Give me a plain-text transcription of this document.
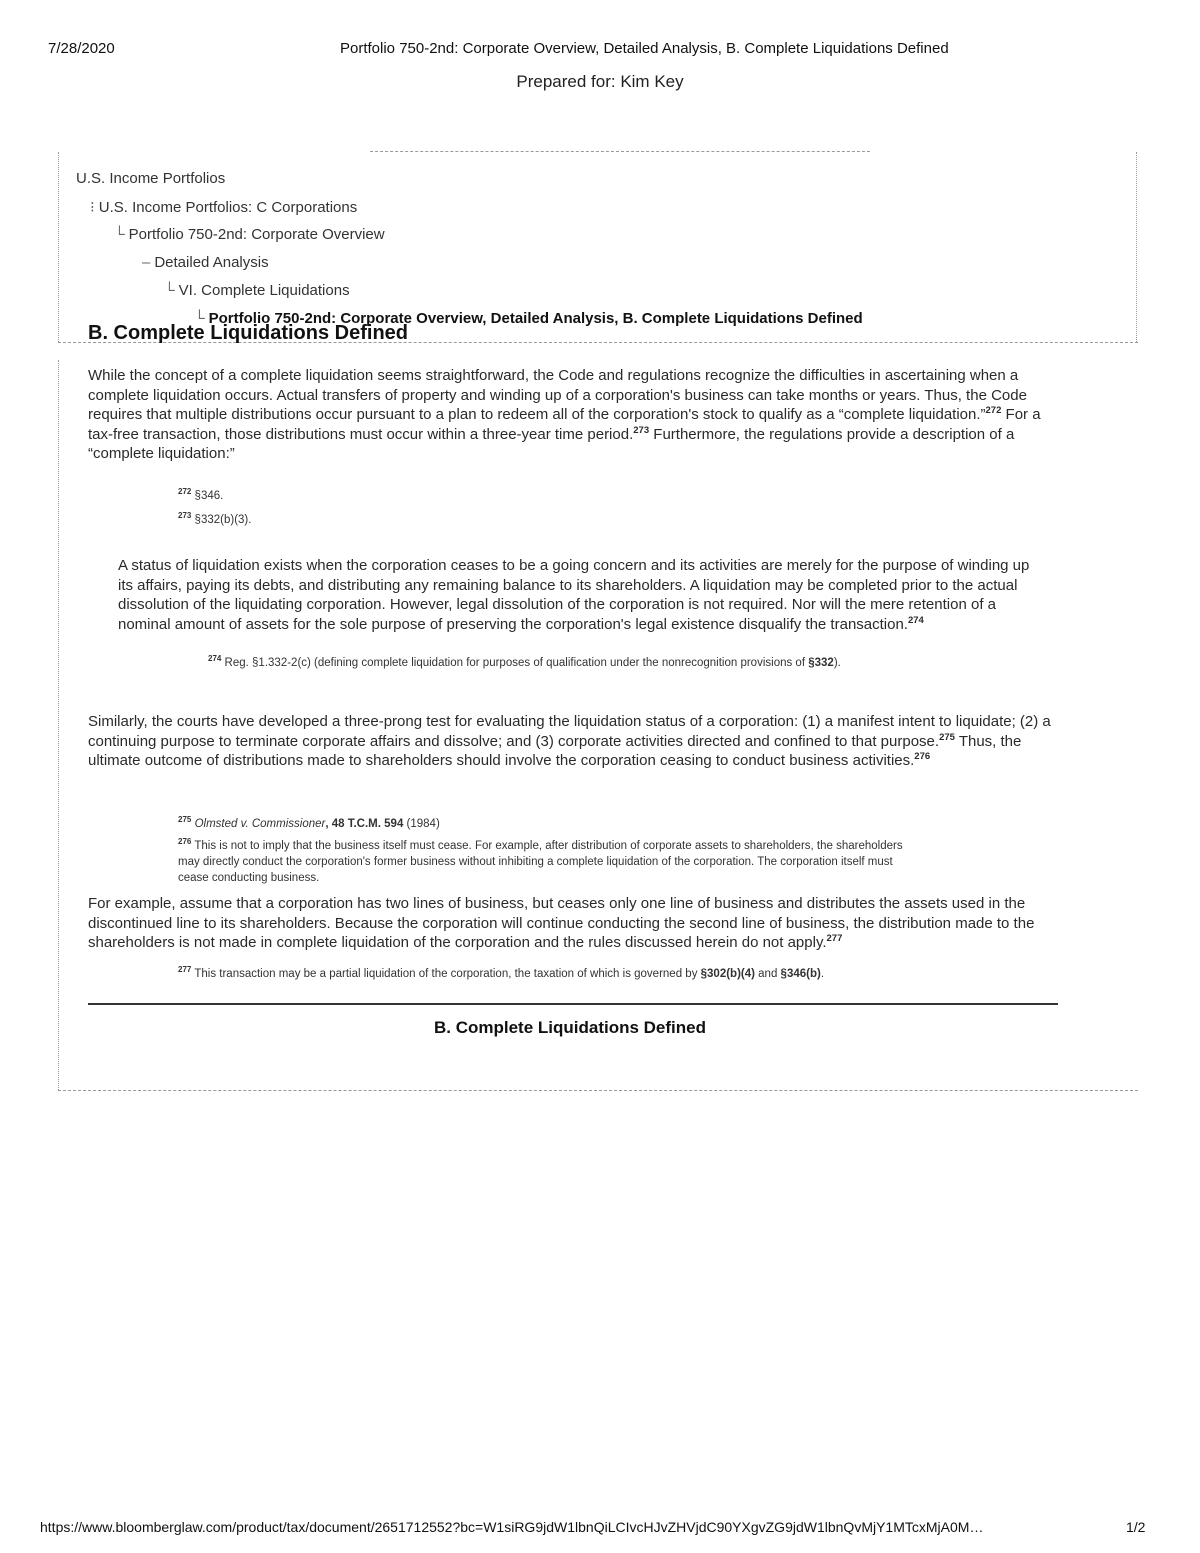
7/28/2020	Portfolio 750-2nd: Corporate Overview, Detailed Analysis, B. Complete Liquidations Defined
Prepared for: Kim Key
U.S. Income Portfolios
⁝ U.S. Income Portfolios: C Corporations
└ Portfolio 750-2nd: Corporate Overview
– Detailed Analysis
└ VI. Complete Liquidations
└ Portfolio 750-2nd: Corporate Overview, Detailed Analysis, B. Complete Liquidations Defined
B. Complete Liquidations Defined

While the concept of a complete liquidation seems straightforward, the Code and regulations recognize the difficulties in ascertaining when a complete liquidation occurs. Actual transfers of property and winding up of a corporation's business can take months or years. Thus, the Code requires that multiple distributions occur pursuant to a plan to redeem all of the corporation's stock to qualify as a “complete liquidation.”$^{272}$ For a tax-free transaction, those distributions must occur within a three-year time period.$^{273}$ Furthermore, the regulations provide a description of a “complete liquidation:”

$^{272}$ §346.
$^{273}$ §332(b)(3).
A status of liquidation exists when the corporation ceases to be a going concern and its activities are merely for the purpose of winding up its affairs, paying its debts, and distributing any remaining balance to its shareholders. A liquidation may be completed prior to the actual dissolution of the liquidating corporation. However, legal dissolution of the corporation is not required. Nor will the mere retention of a nominal amount of assets for the sole purpose of preserving the corporation's legal existence disqualify the transaction.$^{274}$
$^{274}$ Reg. §1.332-2(c) (defining complete liquidation for purposes of qualification under the nonrecognition provisions of §332).

Similarly, the courts have developed a three-prong test for evaluating the liquidation status of a corporation: (1) a manifest intent to liquidate; (2) a continuing purpose to terminate corporate affairs and dissolve; and (3) corporate activities directed and confined to that purpose.$^{275}$ Thus, the ultimate outcome of distributions made to shareholders should involve the corporation ceasing to conduct business activities.$^{276}$

$^{275}$ Olmsted v. Commissioner, 48 T.C.M. 594 (1984)
$^{276}$ This is not to imply that the business itself must cease. For example, after distribution of corporate assets to shareholders, the shareholders may directly conduct the corporation's former business without inhibiting a complete liquidation of the corporation. The corporation itself must cease conducting business.

For example, assume that a corporation has two lines of business, but ceases only one line of business and distributes the assets used in the discontinued line to its shareholders. Because the corporation will continue conducting the second line of business, the distribution made to the shareholders is not made in complete liquidation of the corporation and the rules discussed herein do not apply.$^{277}$

$^{277}$ This transaction may be a partial liquidation of the corporation, the taxation of which is governed by §302(b)(4) and §346(b).
B. Complete Liquidations Defined
https://www.bloomberglaw.com/product/tax/document/2651712552?bc=W1siRG9jdW1lbnQiLCIvcHJvZHVjdC90YXgvZG9jdW1lbnQvMjY1MTcxMjA0M…	1/2
